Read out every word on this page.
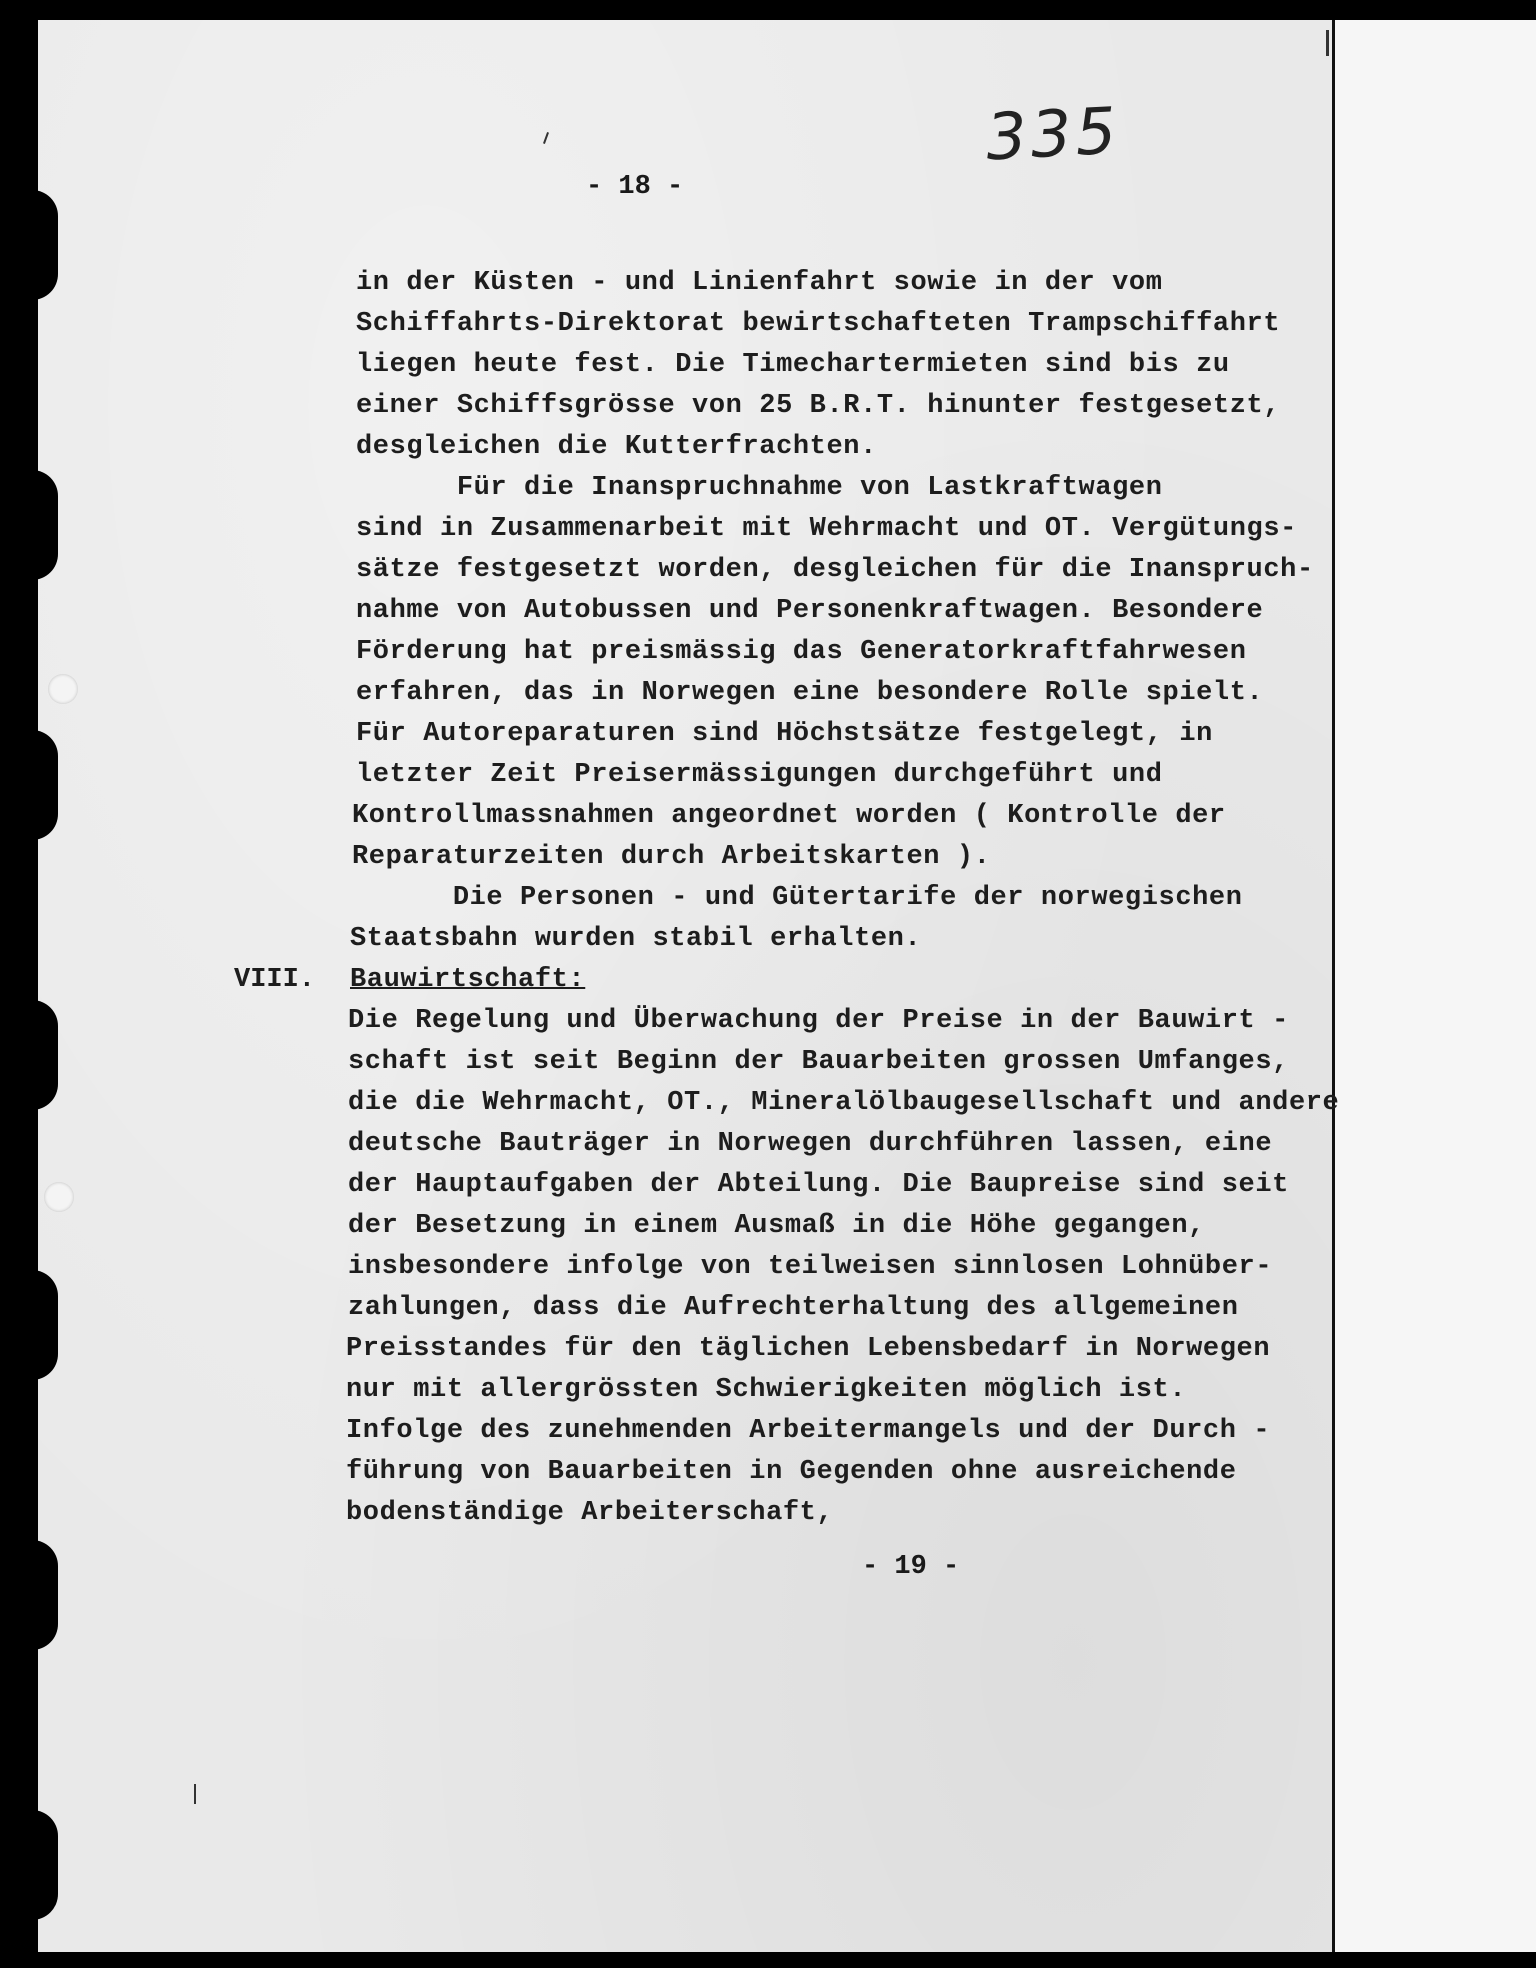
335
- 18 -
in der Küsten - und Linienfahrt sowie in der vom
Schiffahrts-Direktorat bewirtschafteten Trampschiffahrt
liegen heute fest. Die Timechartermieten sind bis zu
einer Schiffsgrösse von 25 B.R.T. hinunter festgesetzt,
desgleichen die Kutterfrachten.
Für die Inanspruchnahme von Lastkraftwagen
sind in Zusammenarbeit mit Wehrmacht und OT. Vergütungs-
sätze festgesetzt worden, desgleichen für die Inanspruch-
nahme von Autobussen und Personenkraftwagen. Besondere
Förderung hat preismässig das Generatorkraftfahrwesen
erfahren, das in Norwegen eine besondere Rolle spielt.
Für Autoreparaturen sind Höchstsätze festgelegt, in
letzter Zeit Preisermässigungen durchgeführt und
Kontrollmassnahmen angeordnet worden ( Kontrolle der
Reparaturzeiten durch Arbeitskarten ).
Die Personen - und Gütertarife der norwegischen
Staatsbahn wurden stabil erhalten.
VIII. Bauwirtschaft:
Die Regelung und Überwachung der Preise in der Bauwirt -
schaft ist seit Beginn der Bauarbeiten grossen Umfanges,
die die Wehrmacht, OT., Mineralölbaugesellschaft und andere
deutsche Bauträger in Norwegen durchführen lassen, eine
der Hauptaufgaben der Abteilung. Die Baupreise sind seit
der Besetzung in einem Ausmaß in die Höhe gegangen,
insbesondere infolge von teilweisen sinnlosen Lohnüber-
zahlungen, dass die Aufrechterhaltung des allgemeinen
Preisstandes für den täglichen Lebensbedarf in Norwegen
nur mit allergrössten Schwierigkeiten möglich ist.
Infolge des zunehmenden Arbeitermangels und der Durch -
führung von Bauarbeiten in Gegenden ohne ausreichende
bodenständige Arbeiterschaft,
- 19 -
